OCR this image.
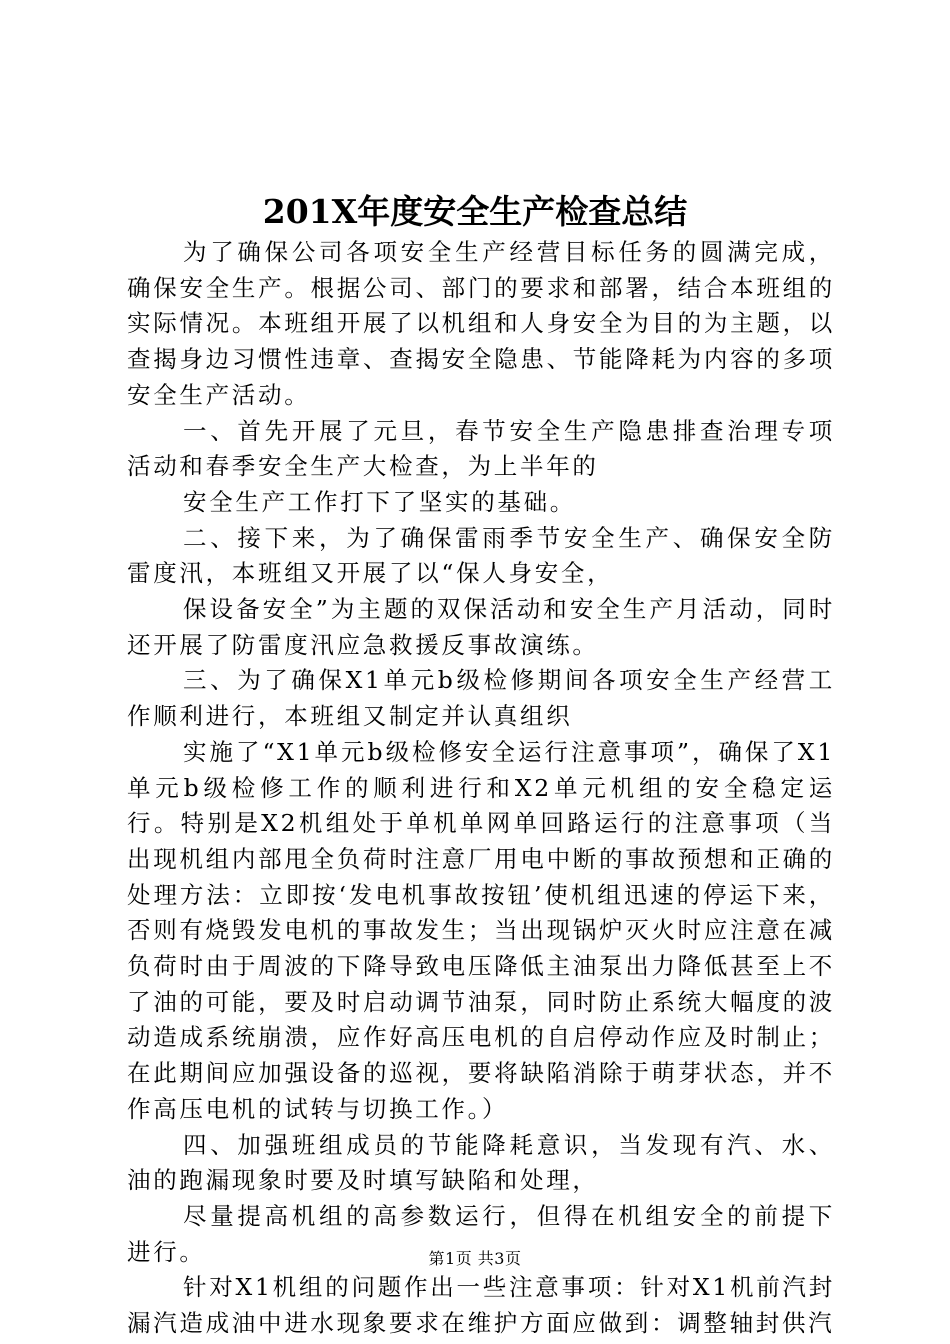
201X年度安全生产检查总结

为了确保公司各项安全生产经营目标任务的圆满完成，确保安全生产。根据公司、部门的要求和部署，结合本班组的实际情况。本班组开展了以机组和人身安全为目的为主题，以查揭身边习惯性违章、查揭安全隐患、节能降耗为内容的多项安全生产活动。

一、首先开展了元旦，春节安全生产隐患排查治理专项活动和春季安全生产大检查，为上半年的

安全生产工作打下了坚实的基础。

二、接下来，为了确保雷雨季节安全生产、确保安全防雷度汛，本班组又开展了以“保人身安全，

保设备安全”为主题的双保活动和安全生产月活动，同时还开展了防雷度汛应急救援反事故演练。

三、为了确保X1单元b级检修期间各项安全生产经营工作顺利进行，本班组又制定并认真组织

实施了“X1单元b级检修安全运行注意事项”，确保了X1单元b级检修工作的顺利进行和X2单元机组的安全稳定运行。特别是X2机组处于单机单网单回路运行的注意事项（当出现机组内部甩全负荷时注意厂用电中断的事故预想和正确的处理方法：立即按‘发电机事故按钮’使机组迅速的停运下来，否则有烧毁发电机的事故发生；当出现锅炉灭火时应注意在减负荷时由于周波的下降导致电压降低主油泵出力降低甚至上不了油的可能，要及时启动调节油泵，同时防止系统大幅度的波动造成系统崩溃，应作好高压电机的自启停动作应及时制止；在此期间应加强设备的巡视，要将缺陷消除于萌芽状态，并不作高压电机的试转与切换工作。）

四、加强班组成员的节能降耗意识，当发现有汽、水、油的跑漏现象时要及时填写缺陷和处理，

尽量提高机组的高参数运行，但得在机组安全的前提下进行。

针对X1机组的问题作出一些注意事项：针对X1机前汽封漏汽造成油中进水现象要求在维护方面应做到：调整轴封供汽

第1页 共3页
